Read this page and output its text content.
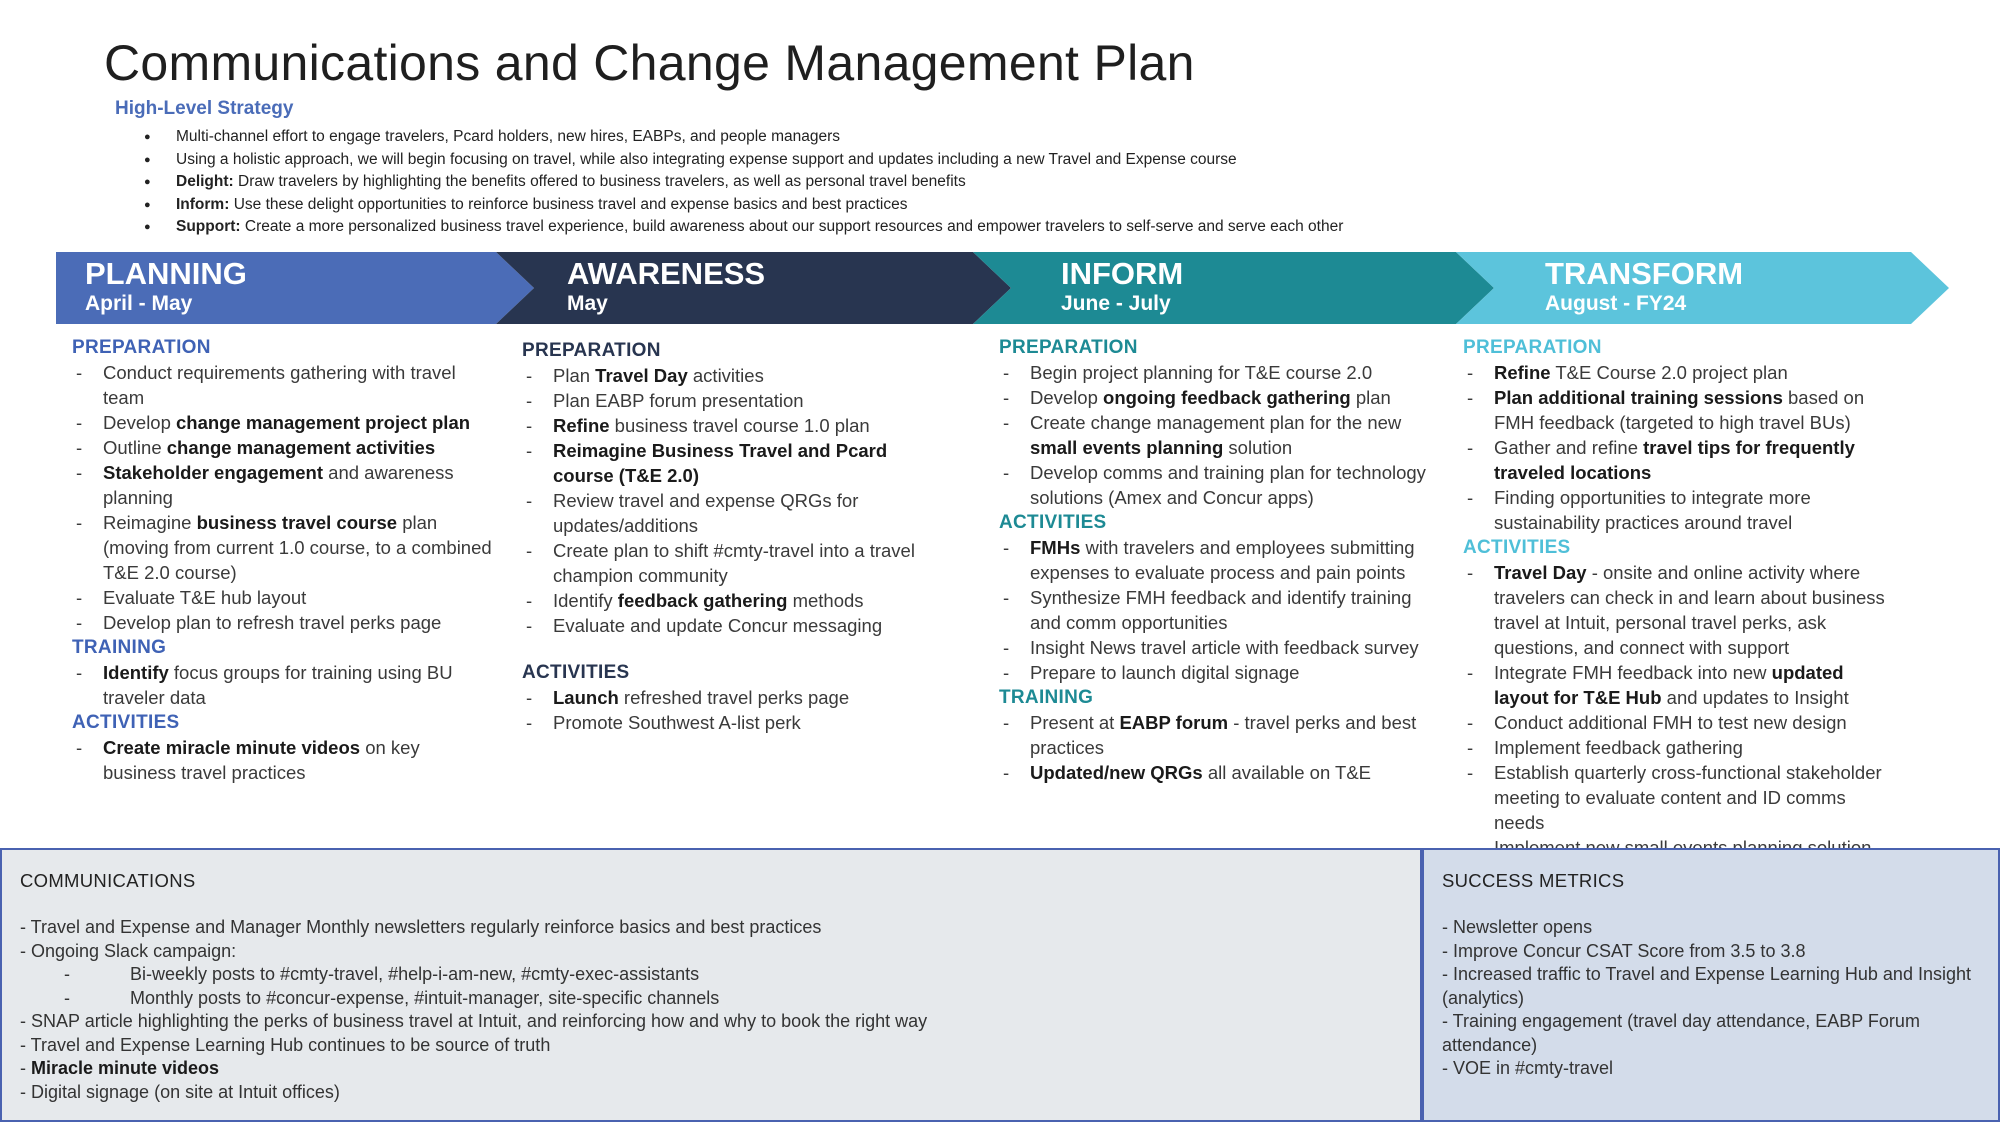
Communications and Change Management Plan
High-Level Strategy
● Multi-channel effort to engage travelers, Pcard holders, new hires, EABPs, and people managers
● Using a holistic approach, we will begin focusing on travel, while also integrating expense support and updates including a new Travel and Expense course
● Delight: Draw travelers by highlighting the benefits offered to business travelers, as well as personal travel benefits
● Inform: Use these delight opportunities to reinforce business travel and expense basics and best practices
● Support: Create a more personalized business travel experience, build awareness about our support resources and empower travelers to self-serve and serve each other
PLANNING
April - May
AWARENESS
May
INFORM
June - July
TRANSFORM
August - FY24
PREPARATION
- Conduct requirements gathering with travel team
- Develop change management project plan
- Outline change management activities
- Stakeholder engagement and awareness planning
- Reimagine business travel course plan (moving from current 1.0 course, to a combined T&E 2.0 course)
- Evaluate T&E hub layout
- Develop plan to refresh travel perks page
TRAINING
- Identify focus groups for training using BU traveler data
ACTIVITIES
- Create miracle minute videos on key business travel practices
PREPARATION
- Plan Travel Day activities
- Plan EABP forum presentation
- Refine business travel course 1.0 plan
- Reimagine Business Travel and Pcard course (T&E 2.0)
- Review travel and expense QRGs for updates/additions
- Create plan to shift #cmty-travel into a travel champion community
- Identify feedback gathering methods
- Evaluate and update Concur messaging
ACTIVITIES
- Launch refreshed travel perks page
- Promote Southwest A-list perk
PREPARATION
- Begin project planning for T&E course 2.0
- Develop ongoing feedback gathering plan
- Create change management plan for the new small events planning solution
- Develop comms and training plan for technology solutions (Amex and Concur apps)
ACTIVITIES
- FMHs with travelers and employees submitting expenses to evaluate process and pain points
- Synthesize FMH feedback and identify training and comm opportunities
- Insight News travel article with feedback survey
- Prepare to launch digital signage
TRAINING
- Present at EABP forum - travel perks and best practices
- Updated/new QRGs all available on T&E
PREPARATION
- Refine T&E Course 2.0 project plan
- Plan additional training sessions based on FMH feedback (targeted to high travel BUs)
- Gather and refine travel tips for frequently traveled locations
- Finding opportunities to integrate more sustainability practices around travel
ACTIVITIES
- Travel Day - onsite and online activity where travelers can check in and learn about business travel at Intuit, personal travel perks, ask questions, and connect with support
- Integrate FMH feedback into new updated layout for T&E Hub and updates to Insight
- Conduct additional FMH to test new design
- Implement feedback gathering
- Establish quarterly cross-functional stakeholder meeting to evaluate content and ID comms needs
-
COMMUNICATIONS
- Travel and Expense and Manager Monthly newsletters regularly reinforce basics and best practices
- Ongoing Slack campaign:
-	Bi-weekly posts to #cmty-travel, #help-i-am-new, #cmty-exec-assistants
-	Monthly posts to #concur-expense, #intuit-manager, site-specific channels
- SNAP article highlighting the perks of business travel at Intuit, and reinforcing how and why to book the right way
- Travel and Expense Learning Hub continues to be source of truth
- Miracle minute videos
- Digital signage (on site at Intuit offices)
SUCCESS METRICS
- Newsletter opens
- Improve Concur CSAT Score from 3.5 to 3.8
- Increased traffic to Travel and Expense Learning Hub and Insight (analytics)
- Training engagement (travel day attendance, EABP Forum attendance)
- VOE in #cmty-travel
